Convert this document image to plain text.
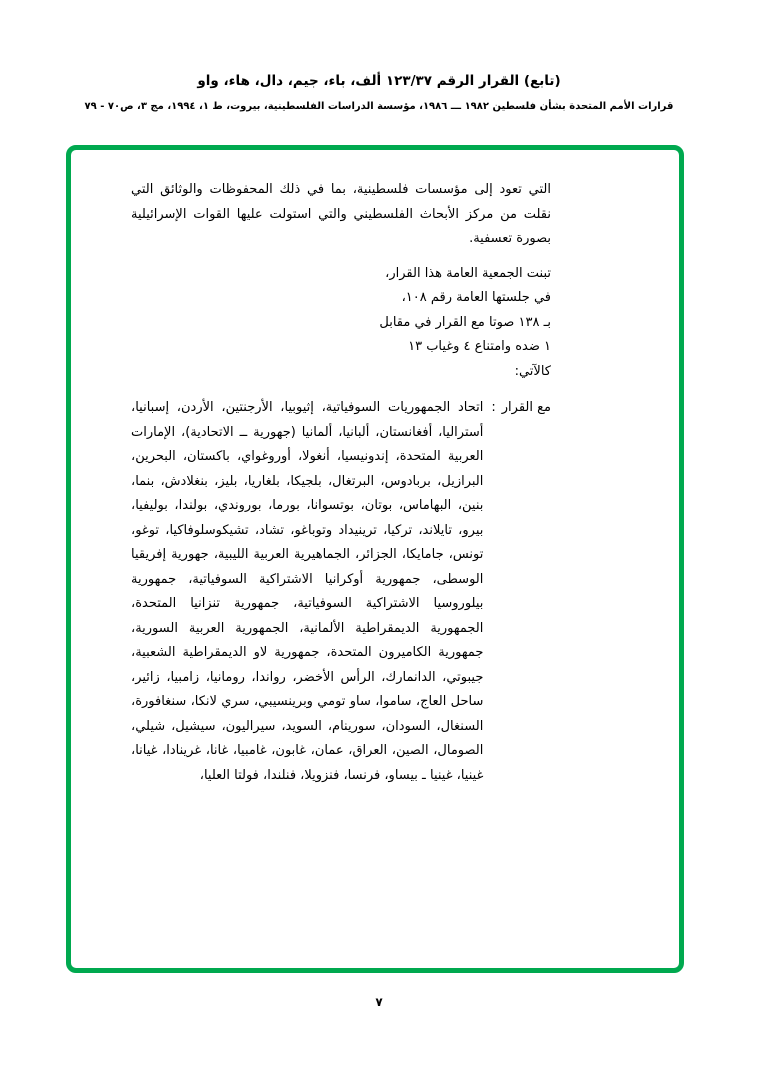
(تابع) القرار الرقم ١٢٣/٣٧ ألف، باء، جيم، دال، هاء، واو
قرارات الأمم المتحدة بشأن فلسطين ١٩٨٢ ـــ ١٩٨٦، مؤسسة الدراسات الفلسطينية، بيروت، ط ١، ١٩٩٤، مج ٣، ص٧٠ - ٧٩

التي تعود إلى مؤسسات فلسطينية، بما في ذلك المحفوظات والوثائق التي نقلت من مركز الأبحاث الفلسطيني والتي استولت عليها القوات الإسرائيلية بصورة تعسفية.

تبنت الجمعية العامة هذا القرار،

في جلستها العامة رقم ١٠٨،

بـ ١٣٨ صوتا مع القرار في مقابل

١ ضده وامتناع ٤ وغياب ١٣

كالآتي:

مع القرار
:

اتحاد الجمهوريات السوفياتية، إثيوبيا، الأرجنتين، الأردن، إسبانيا، أستراليا، أفغانستان، ألبانيا، ألمانيا (جهورية ــ الاتحادية)، الإمارات العربية المتحدة، إندونيسيا، أنغولا، أوروغواي، باكستان، البحرين، البرازيل، بربادوس، البرتغال، بلجيكا، بلغاريا، بليز، بنغلادش، بنما، بنين، البهاماس، بوتان، بوتسوانا، بورما، بوروندي، بولندا، بوليفيا، بيرو، تايلاند، تركيا، ترينيداد وتوباغو، تشاد، تشيكوسلوفاكيا، توغو، تونس، جامايكا، الجزائر، الجماهيرية العربية الليبية، جهورية إفريقيا الوسطى، جمهورية أوكرانيا الاشتراكية السوفياتية، جمهورية بيلوروسيا الاشتراكية السوفياتية، جمهورية تنزانيا المتحدة، الجمهورية الديمقراطية الألمانية، الجمهورية العربية السورية، جمهورية الكاميرون المتحدة، جمهورية لاو الديمقراطية الشعبية، جيبوتي، الدانمارك، الرأس الأخضر، رواندا، رومانيا، زامبيا، زائير، ساحل العاج، ساموا، ساو تومي وبرينسيبي، سري لانكا، سنغافورة، السنغال، السودان، سورينام، السويد، سيراليون، سيشيل، شيلي، الصومال، الصين، العراق، عمان، غابون، غامبيا، غانا، غرينادا، غيانا، غينيا، غينيا ـ بيساو، فرنسا، فنزويلا، فنلندا، فولتا العليا،

٧
